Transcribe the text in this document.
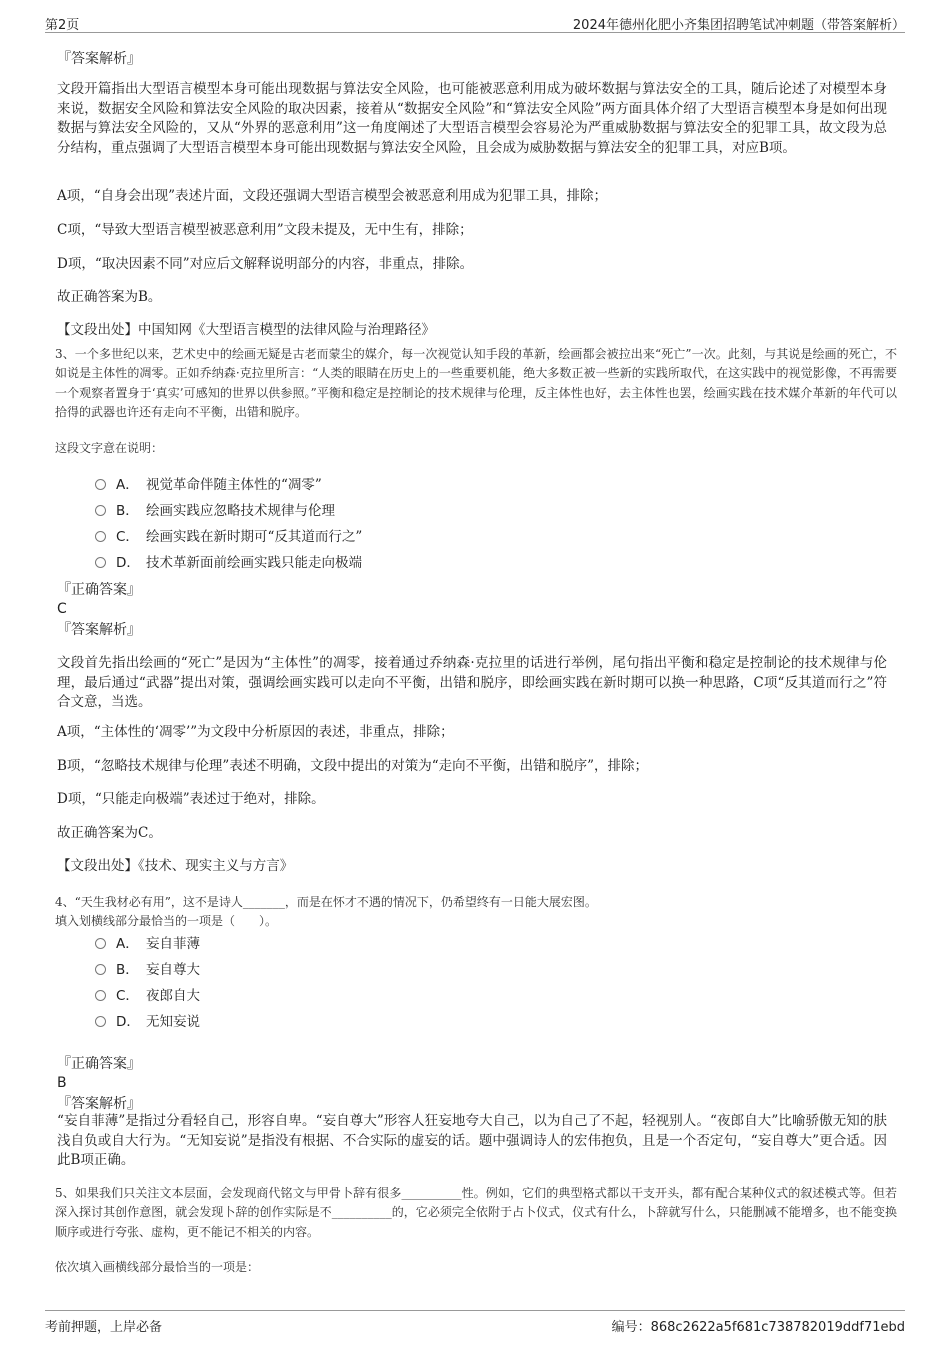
第2页	2024年德州化肥小齐集团招聘笔试冲刺题（带答案解析）
『答案解析』
文段开篇指出大型语言模型本身可能出现数据与算法安全风险，也可能被恶意利用成为破坏数据与算法安全的工具，随后论述了对模型本身来说，数据安全风险和算法安全风险的取决因素，接着从“数据安全风险”和“算法安全风险”两方面具体介绍了大型语言模型本身是如何出现数据与算法安全风险的，又从“外界的恶意利用”这一角度阐述了大型语言模型会容易沦为严重威胁数据与算法安全的犯罪工具，故文段为总分结构，重点强调了大型语言模型本身可能出现数据与算法安全风险，且会成为威胁数据与算法安全的犯罪工具，对应B项。
A项，“自身会出现”表述片面，文段还强调大型语言模型会被恶意利用成为犯罪工具，排除；
C项，“导致大型语言模型被恶意利用”文段未提及，无中生有，排除；
D项，“取决因素不同”对应后文解释说明部分的内容，非重点，排除。
故正确答案为B。
【文段出处】中国知网《大型语言模型的法律风险与治理路径》
3、一个多世纪以来，艺术史中的绘画无疑是古老而蒙尘的媒介，每一次视觉认知手段的革新，绘画都会被拉出来“死亡”一次。此刻，与其说是绘画的死亡，不如说是主体性的凋零。正如乔纳森·克拉里所言：“人类的眼睛在历史上的一些重要机能，绝大多数正被一些新的实践所取代，在这实践中的视觉影像，不再需要一个观察者置身于‘真实’可感知的世界以供参照。”平衡和稳定是控制论的技术规律与伦理，反主体性也好，去主体性也罢，绘画实践在技术媒介革新的年代可以拾得的武器也许还有走向不平衡，出错和脱序。
这段文字意在说明：
A． 视觉革命伴随主体性的“凋零”
B． 绘画实践应忽略技术规律与伦理
C． 绘画实践在新时期可“反其道而行之”
D． 技术革新面前绘画实践只能走向极端
『正确答案』
C
『答案解析』
文段首先指出绘画的“死亡”是因为“主体性”的凋零，接着通过乔纳森·克拉里的话进行举例，尾句指出平衡和稳定是控制论的技术规律与伦理，最后通过“武器”提出对策，强调绘画实践可以走向不平衡，出错和脱序，即绘画实践在新时期可以换一种思路，C项“反其道而行之”符合文意，当选。
A项，“主体性的‘凋零’”为文段中分析原因的表述，非重点，排除；
B项，“忽略技术规律与伦理”表述不明确，文段中提出的对策为“走向不平衡，出错和脱序”，排除；
D项，“只能走向极端”表述过于绝对，排除。
故正确答案为C。
【文段出处】《技术、现实主义与方言》
4、“天生我材必有用”，这不是诗人_______，而是在怀才不遇的情况下，仍希望终有一日能大展宏图。
填入划横线部分最恰当的一项是（　　）。
A． 妄自菲薄
B． 妄自尊大
C． 夜郎自大
D． 无知妄说
『正确答案』
B
『答案解析』
“妄自菲薄”是指过分看轻自己，形容自卑。“妄自尊大”形容人狂妄地夸大自己，以为自己了不起，轻视别人。“夜郎自大”比喻骄傲无知的肤浅自负或自大行为。“无知妄说”是指没有根据、不合实际的虚妄的话。题中强调诗人的宏伟抱负，且是一个否定句，“妄自尊大”更合适。因此B项正确。
5、如果我们只关注文本层面，会发现商代铭文与甲骨卜辞有很多__________性。例如，它们的典型格式都以干支开头，都有配合某种仪式的叙述模式等。但若深入探讨其创作意图，就会发现卜辞的创作实际是不__________的，它必须完全依附于占卜仪式，仪式有什么，卜辞就写什么，只能删减不能增多，也不能变换顺序或进行夸张、虚构，更不能记不相关的内容。
依次填入画横线部分最恰当的一项是：
考前押题，上岸必备	编号：868c2622a5f681c738782019ddf71ebd
